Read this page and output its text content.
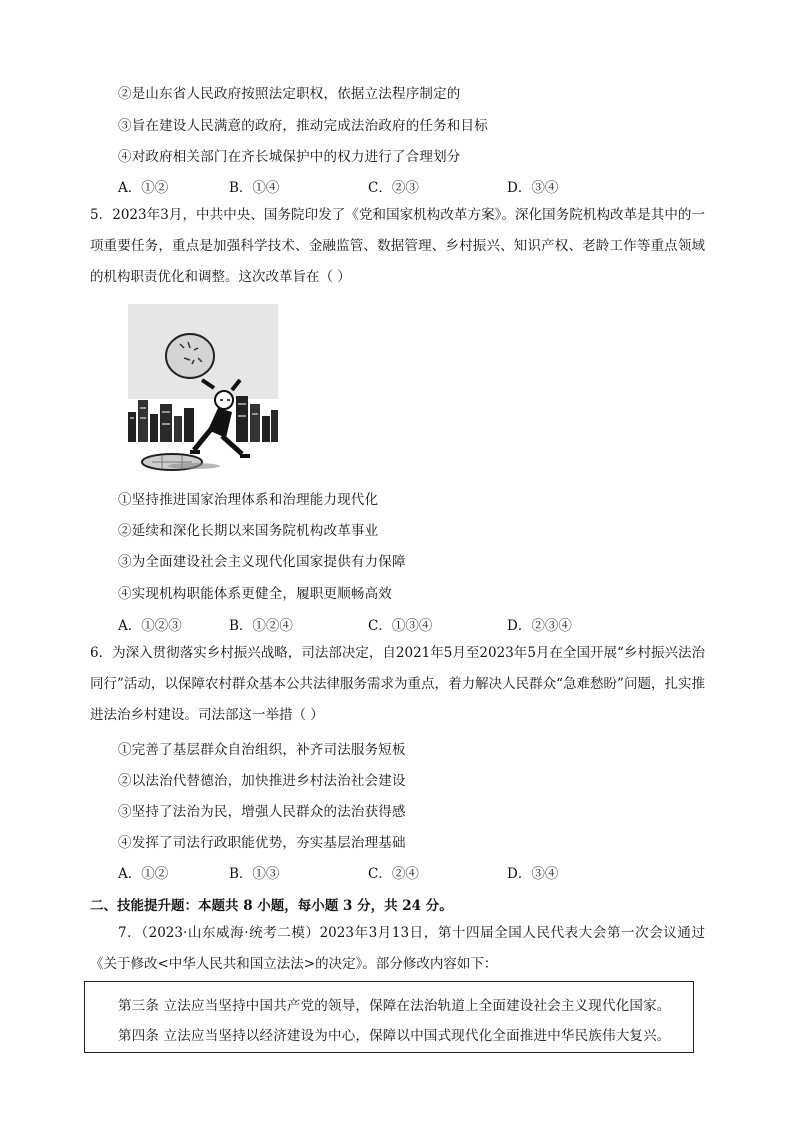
②是山东省人民政府按照法定职权，依据立法程序制定的
③旨在建设人民满意的政府，推动完成法治政府的任务和目标
④对政府相关部门在齐长城保护中的权力进行了合理划分
A．①②	B．①④	C．②③	D．③④
5．2023年3月，中共中央、国务院印发了《党和国家机构改革方案》。深化国务院机构改革是其中的一项重要任务，重点是加强科学技术、金融监管、数据管理、乡村振兴、知识产权、老龄工作等重点领域的机构职责优化和调整。这次改革旨在（ ）
①坚持推进国家治理体系和治理能力现代化
②延续和深化长期以来国务院机构改革事业
③为全面建设社会主义现代化国家提供有力保障
④实现机构职能体系更健全，履职更顺畅高效
A．①②③	B．①②④	C．①③④	D．②③④
6．为深入贯彻落实乡村振兴战略，司法部决定，自2021年5月至2023年5月在全国开展“乡村振兴法治同行”活动，以保障农村群众基本公共法律服务需求为重点，着力解决人民群众“急难愁盼”问题，扎实推进法治乡村建设。司法部这一举措（ ）
①完善了基层群众自治组织，补齐司法服务短板
②以法治代替德治，加快推进乡村法治社会建设
③坚持了法治为民，增强人民群众的法治获得感
④发挥了司法行政职能优势，夯实基层治理基础
A．①②	B．①③	C．②④	D．③④
二、技能提升题：本题共 8 小题，每小题 3 分，共 24 分。
7．（2023·山东威海·统考二模）2023年3月13日，第十四届全国人民代表大会第一次会议通过《关于修改<中华人民共和国立法法>的决定》。部分修改内容如下：
第三条 立法应当坚持中国共产党的领导，保障在法治轨道上全面建设社会主义现代化国家。
第四条 立法应当坚持以经济建设为中心，保障以中国式现代化全面推进中华民族伟大复兴。
